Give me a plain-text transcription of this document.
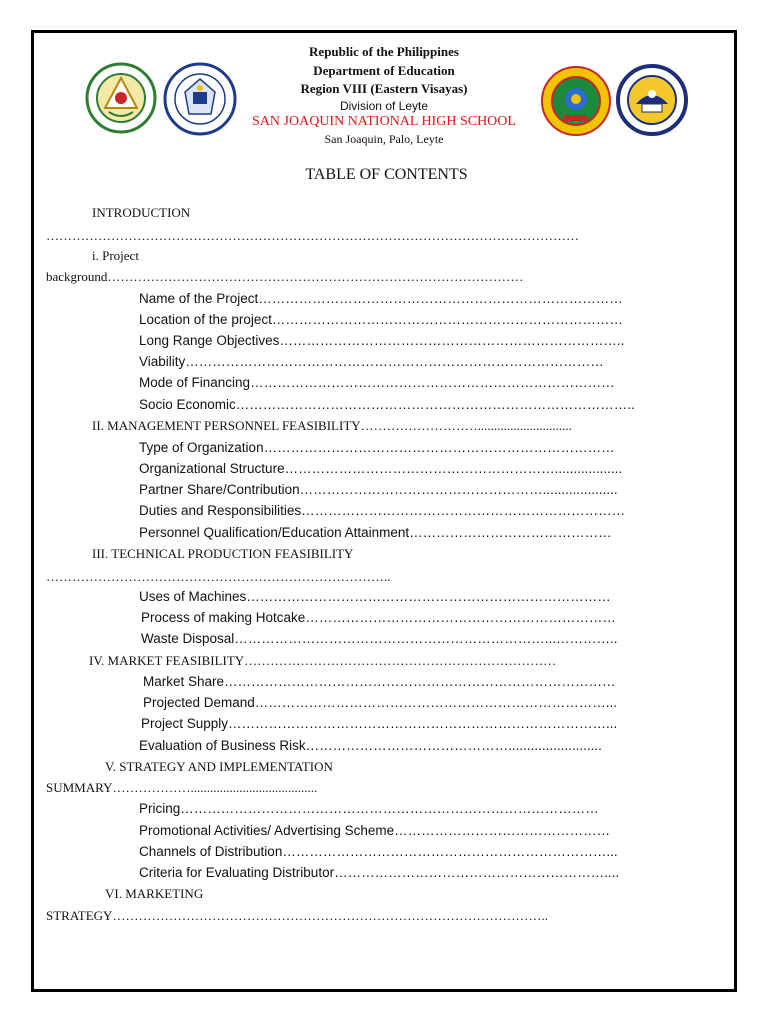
Republic of the Philippines
Department of Education
Region VIII (Eastern Visayas)
Division of Leyte
SAN JOAQUIN NATIONAL HIGH SCHOOL
San Joaquin, Palo, Leyte
TABLE OF CONTENTS
INTRODUCTION
……………………………………………………………………………………………………………
i. Project
background……………………………………………………………………………………
Name of the Project………………………………………………………………………
Location of the project……………………………………………………………………
Long Range Objectives…………………………………………………………………..
Viability…………………………………………………………………………………
Mode of Financing………………………………………………………………………
Socio Economic……………………………………………………………………………..
II. MANAGEMENT PERSONNEL FEASIBILITY……………………….............................
Type of Organization……………………………………………………………………
Organizational Structure……………………………………………………..................
Partner Share/Contribution………………………………………………....................
Duties and Responsibilities………………………………………………………………
Personnel Qualification/Education Attainment………………………………………
III. TECHNICAL PRODUCTION FEASIBILITY
……………………………………………………………………..
Uses of Machines………………………………………………………………………
Process of making Hotcake……………………………………………………………
Waste Disposal……………………………………………………………...…………..
IV. MARKET FEASIBILITY………………………………………………………………
Market Share……………………………………………………………………………
Projected Demand……………………………………………………………………...
Project Supply…………………………………………………………………………...
Evaluation of Business Risk……………………………………….........................
V. STRATEGY AND IMPLEMENTATION
SUMMARY……………….......................................
Pricing…………………………………………………………………………………
Promotional Activities/ Advertising Scheme…………………………………………
Channels of Distribution………………………………………………………………...
Criteria for Evaluating Distributor……………………………………………………....
VI. MARKETING
STRATEGY………………………………………………………………………………………..
